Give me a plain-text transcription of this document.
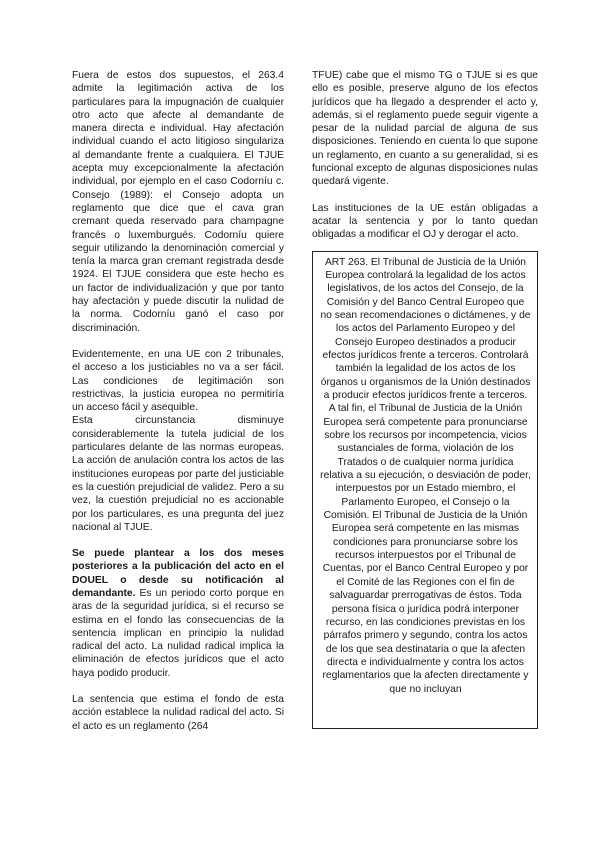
Fuera de estos dos supuestos, el 263.4 admite la legitimación activa de los particulares para la impugnación de cualquier otro acto que afecte al demandante de manera directa e individual. Hay afectación individual cuando el acto litigioso singulariza al demandante frente a cualquiera. El TJUE acepta muy excepcionalmente la afectación individual, por ejemplo en el caso Codorníu c. Consejo (1989): el Consejo adopta un reglamento que dice que el cava gran cremant queda reservado para champagne francés o luxemburgués. Codorníu quiere seguir utilizando la denominación comercial y tenía la marca gran cremant registrada desde 1924. El TJUE considera que este hecho es un factor de individualización y que por tanto hay afectación y puede discutir la nulidad de la norma. Codorníu ganó el caso por discriminación.

Evidentemente, en una UE con 2 tribunales, el acceso a los justiciables no va a ser fácil. Las condiciones de legitimación son restrictivas, la justicia europea no permitiría un acceso fácil y asequible.

Esta circunstancia disminuye considerablemente la tutela judicial de los particulares delante de las normas europeas. La acción de anulación contra los actos de las instituciones europeas por parte del justiciable es la cuestión prejudicial de validez. Pero a su vez, la cuestión prejudicial no es accionable por los particulares, es una pregunta del juez nacional al TJUE.

Se puede plantear a los dos meses posteriores a la publicación del acto en el DOUEL o desde su notificación al demandante. Es un periodo corto porque en aras de la seguridad jurídica, si el recurso se estima en el fondo las consecuencias de la sentencia implican en principio la nulidad radical del acto. La nulidad radical implica la eliminación de efectos jurídicos que el acto haya podido producir.

La sentencia que estima el fondo de esta acción establece la nulidad radical del acto. Si el acto es un reglamento (264

TFUE) cabe que el mismo TG o TJUE si es que ello es posible, preserve alguno de los efectos jurídicos que ha llegado a desprender el acto y, además, si el reglamento puede seguir vigente a pesar de la nulidad parcial de alguna de sus disposiciones. Teniendo en cuenta lo que supone un reglamento, en cuanto a su generalidad, si es funcional excepto de algunas disposiciones nulas quedará vigente.

Las instituciones de la UE están obligadas a acatar la sentencia y por lo tanto quedan obligadas a modificar el OJ y derogar el acto.

ART 263. El Tribunal de Justicia de la Unión Europea controlará la legalidad de los actos legislativos, de los actos del Consejo, de la Comisión y del Banco Central Europeo que no sean recomendaciones o dictámenes, y de los actos del Parlamento Europeo y del Consejo Europeo destinados a producir efectos jurídicos frente a terceros. Controlará también la legalidad de los actos de los órganos u organismos de la Unión destinados a producir efectos jurídicos frente a terceros. A tal fin, el Tribunal de Justicia de la Unión Europea será competente para pronunciarse sobre los recursos por incompetencia, vicios sustanciales de forma, violación de los Tratados o de cualquier norma jurídica relativa a su ejecución, o desviación de poder, interpuestos por un Estado miembro, el Parlamento Europeo, el Consejo o la Comisión. El Tribunal de Justicia de la Unión Europea será competente en las mismas condiciones para pronunciarse sobre los recursos interpuestos por el Tribunal de Cuentas, por el Banco Central Europeo y por el Comité de las Regiones con el fin de salvaguardar prerrogativas de éstos. Toda persona física o jurídica podrá interponer recurso, en las condiciones previstas en los párrafos primero y segundo, contra los actos de los que sea destinataria o que la afecten directa e individualmente y contra los actos reglamentarios que la afecten directamente y que no incluyan
